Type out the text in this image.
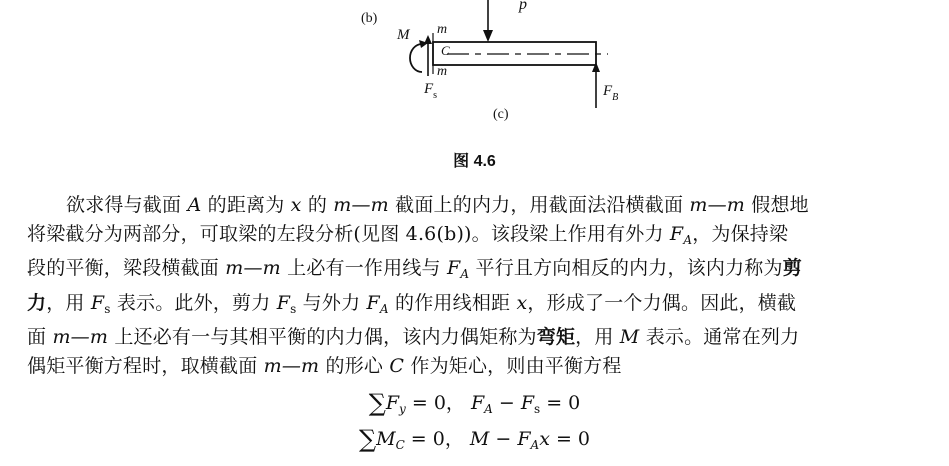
(b)
p
M m
C
m
$F_s$	$F_B$
(c)
图 4.6
欲求得与截面 A 的距离为 x 的 m—m 截面上的内力，用截面法沿横截面 m—m 假想地
将梁截分为两部分，可取梁的左段分析(见图 4.6(b))。该段梁上作用有外力 $F_A$，为保持梁
段的平衡，梁段横截面 m—m 上必有一作用线与 $F_A$ 平行且方向相反的内力，该内力称为剪
力，用 $F_s$ 表示。此外，剪力 $F_s$ 与外力 $F_A$ 的作用线相距 x，形成了一个力偶。因此，横截
面 m—m 上还必有一与其相平衡的内力偶，该内力偶矩称为弯矩，用 M 表示。通常在列力
偶矩平衡方程时，取横截面 m—m 的形心 C 作为矩心，则由平衡方程
$\sum F_y = 0$， $F_A - F_s = 0$
$\sum M_C = 0$， $M - F_Ax = 0$
